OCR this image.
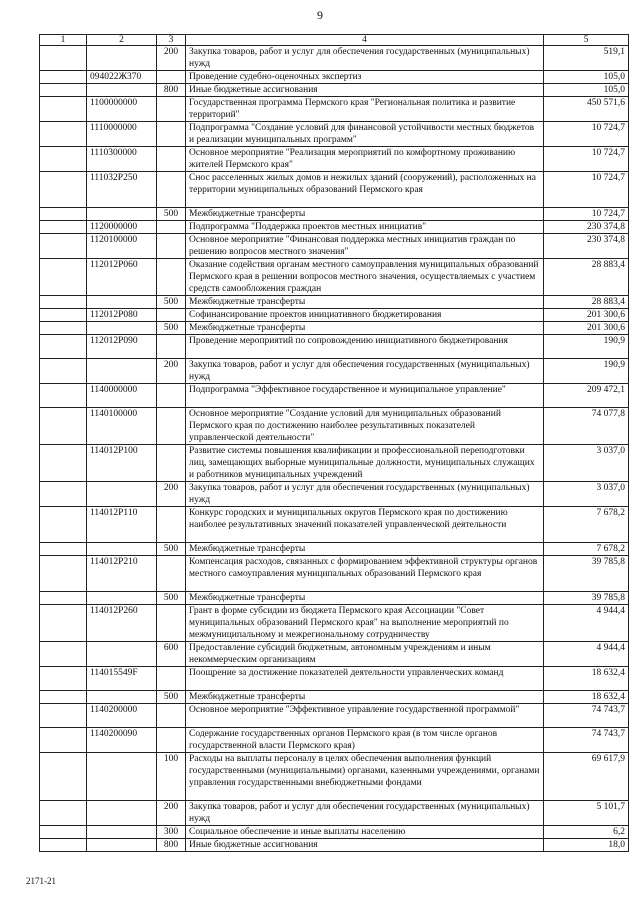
9
1	2	3	4	5
		200	Закупка товаров, работ и услуг для обеспечения государственных (муниципальных) нужд	519,1
	094022Ж370		Проведение судебно-оценочных экспертиз	105,0
		800	Иные бюджетные ассигнования	105,0
	1100000000		Государственная программа Пермского края "Региональная политика и развитие территорий"	450 571,6
	1110000000		Подпрограмма "Создание условий для финансовой устойчивости местных бюджетов и реализации муниципальных программ"	10 724,7
	1110300000		Основное мероприятие "Реализация мероприятий по комфортному проживанию жителей Пермского края"	10 724,7
	111032Р250		Снос расселенных жилых домов и нежилых зданий (сооружений), расположенных на территории муниципальных образований Пермского края	10 724,7
		500	Межбюджетные трансферты	10 724,7
	1120000000		Подпрограмма "Поддержка проектов местных инициатив"	230 374,8
	1120100000		Основное мероприятие "Финансовая поддержка местных инициатив граждан по решению вопросов местного значения"	230 374,8
	112012Р060		Оказание содействия органам местного самоуправления муниципальных образований Пермского края в решении вопросов местного значения, осуществляемых с участием средств самообложения граждан	28 883,4
		500	Межбюджетные трансферты	28 883,4
	112012Р080		Софинансирование проектов инициативного бюджетирования	201 300,6
		500	Межбюджетные трансферты	201 300,6
	112012Р090		Проведение мероприятий по сопровождению инициативного бюджетирования	190,9
		200	Закупка товаров, работ и услуг для обеспечения государственных (муниципальных) нужд	190,9
	1140000000		Подпрограмма "Эффективное государственное и муниципальное управление"	209 472,1
	1140100000		Основное мероприятие "Создание условий для муниципальных образований Пермского края по достижению наиболее результативных показателей управленческой деятельности"	74 077,8
	114012Р100		Развитие системы повышения квалификации и профессиональной переподготовки лиц, замещающих выборные муниципальные должности, муниципальных служащих и работников муниципальных учреждений	3 037,0
		200	Закупка товаров, работ и услуг для обеспечения государственных (муниципальных) нужд	3 037,0
	114012Р110		Конкурс городских и муниципальных округов Пермского края по достижению наиболее результативных значений показателей управленческой деятельности	7 678,2
		500	Межбюджетные трансферты	7 678,2
	114012Р210		Компенсация расходов, связанных с формированием эффективной структуры органов местного самоуправления муниципальных образований Пермского края	39 785,8
		500	Межбюджетные трансферты	39 785,8
	114012Р260		Грант в форме субсидии из бюджета Пермского края Ассоциации "Совет муниципальных образований Пермского края" на выполнение мероприятий по межмуниципальному и межрегиональному сотрудничеству	4 944,4
		600	Предоставление субсидий бюджетным, автономным учреждениям и иным некоммерческим организациям	4 944,4
	114015549F		Поощрение за достижение показателей деятельности управленческих команд	18 632,4
		500	Межбюджетные трансферты	18 632,4
	1140200000		Основное мероприятие "Эффективное управление государственной программой"	74 743,7
	1140200090		Содержание государственных органов Пермского края (в том числе органов государственной власти Пермского края)	74 743,7
		100	Расходы на выплаты персоналу в целях обеспечения выполнения функций государственными (муниципальными) органами, казенными учреждениями, органами управления государственными внебюджетными фондами	69 617,9
		200	Закупка товаров, работ и услуг для обеспечения государственных (муниципальных) нужд	5 101,7
		300	Социальное обеспечение и иные выплаты населению	6,2
		800	Иные бюджетные ассигнования	18,0
2171-21
